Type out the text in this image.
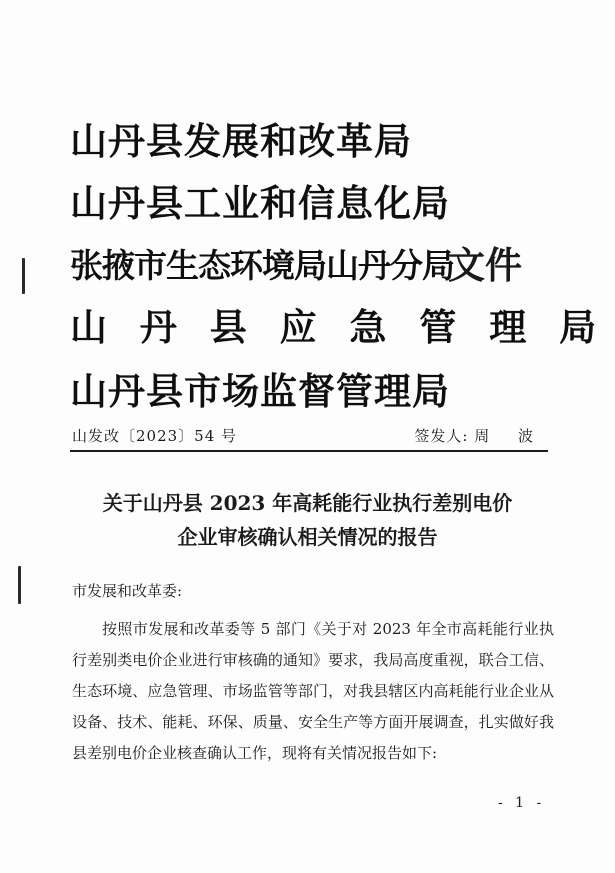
山丹县发展和改革局
山丹县工业和信息化局
张掖市生态环境局山丹分局
文件
山 丹 县 应 急 管 理 局
山丹县市场监督管理局
山发改〔2023〕54 号	签发人: 周 波
关于山丹县 2023 年高耗能行业执行差别电价
企业审核确认相关情况的报告
市发展和改革委:
按照市发展和改革委等 5 部门《关于对 2023 年全市高耗能行业执行差别类电价企业进行审核确的通知》要求，我局高度重视，联合工信、生态环境、应急管理、市场监管等部门，对我县辖区内高耗能行业企业从设备、技术、能耗、环保、质量、安全生产等方面开展调查，扎实做好我县差别电价企业核查确认工作，现将有关情况报告如下:
- 1 -
